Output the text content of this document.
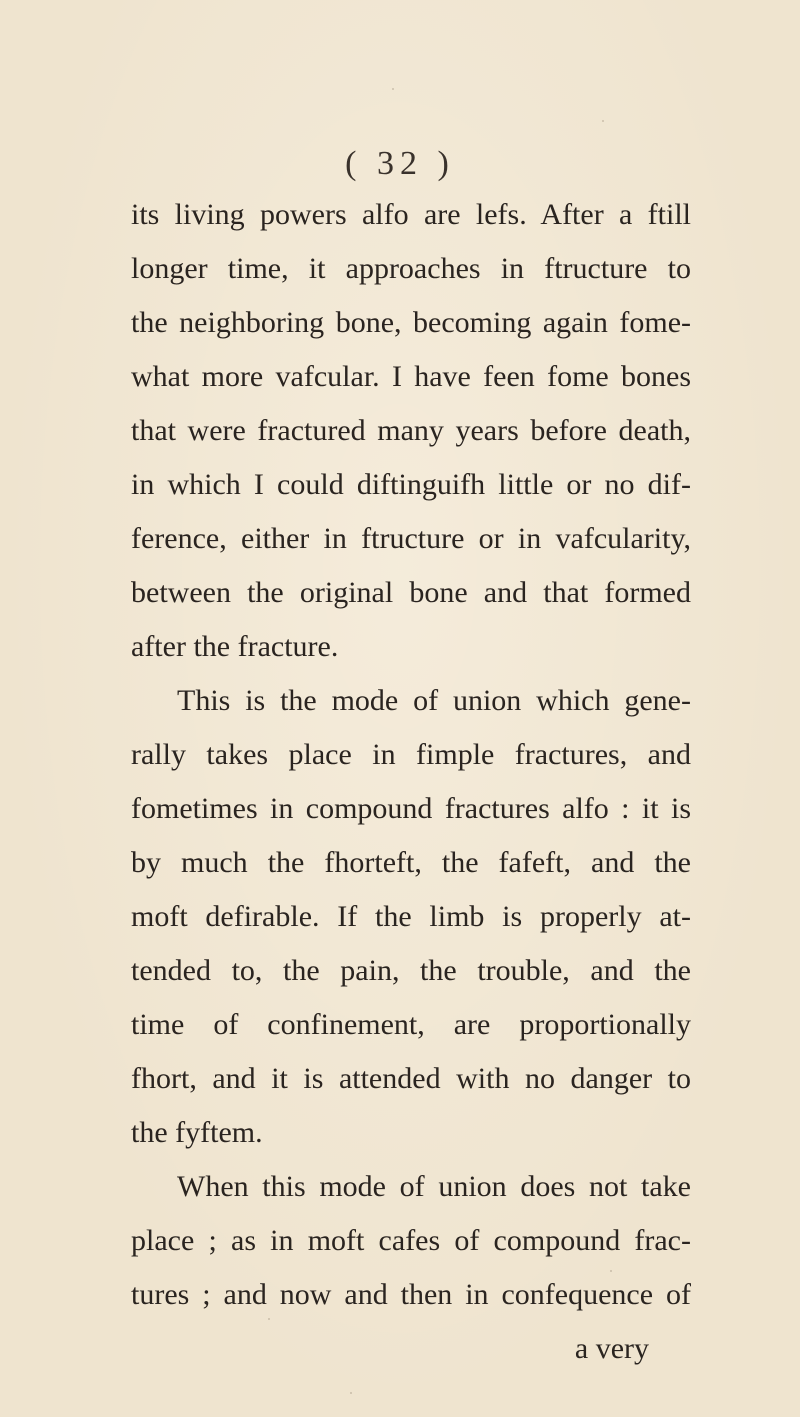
( 32 )
its living powers alfo are lefs. After a ftill
longer time, it approaches in ftructure to
the neighboring bone, becoming again fome-
what more vafcular. I have feen fome bones
that were fractured many years before death,
in which I could diftinguifh little or no dif-
ference, either in ftructure or in vafcularity,
between the original bone and that formed
after the fracture.
This is the mode of union which gene-
rally takes place in fimple fractures, and
fometimes in compound fractures alfo : it is
by much the fhorteft, the fafeft, and the
moft defirable. If the limb is properly at-
tended to, the pain, the trouble, and the
time of confinement, are proportionally
fhort, and it is attended with no danger to
the fyftem.
When this mode of union does not take
place ; as in moft cafes of compound frac-
tures ; and now and then in confequence of
a very
